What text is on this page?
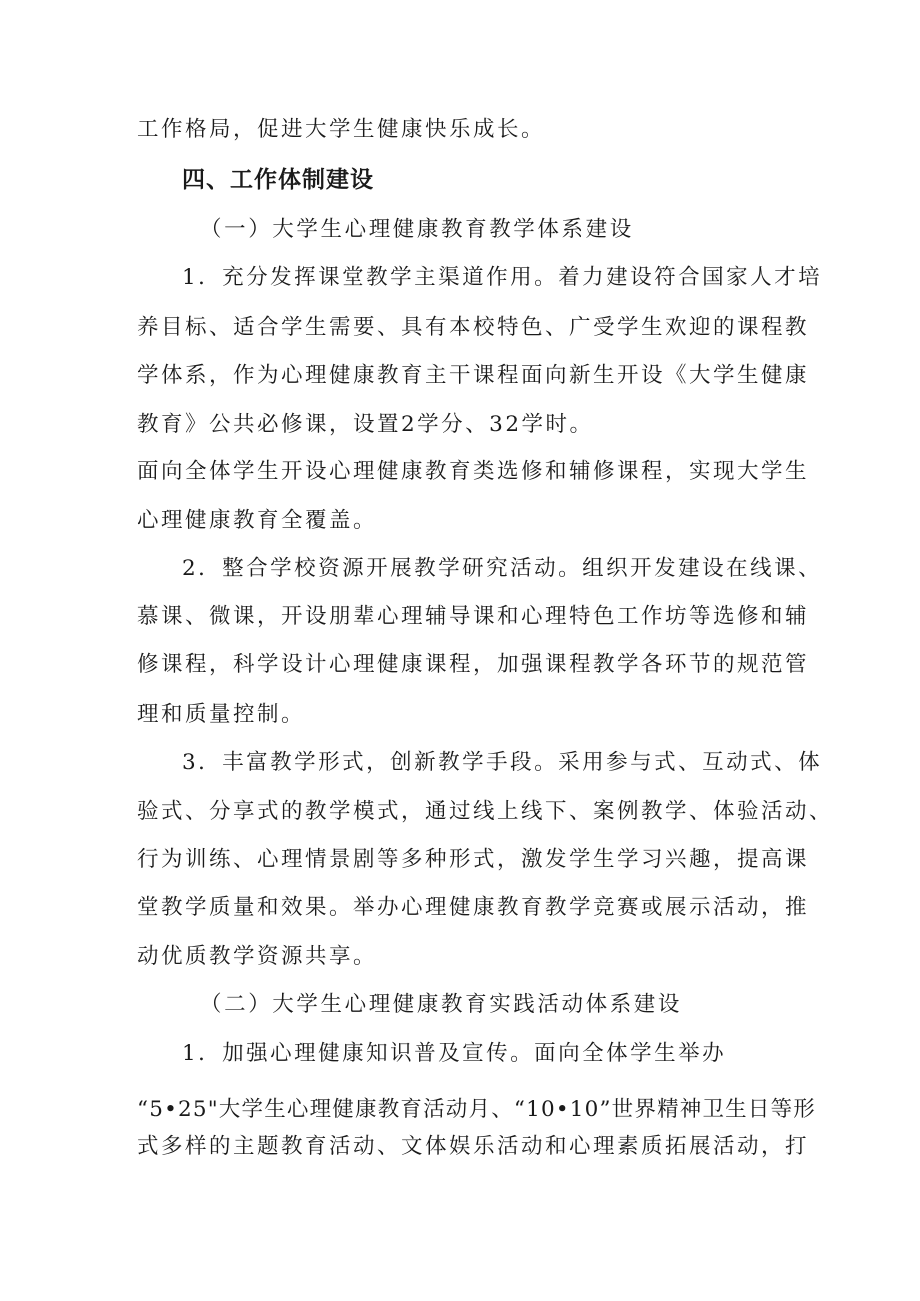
工作格局，促进大学生健康快乐成长。
四、工作体制建设
（一）大学生心理健康教育教学体系建设
1．充分发挥课堂教学主渠道作用。着力建设符合国家人才培
养目标、适合学生需要、具有本校特色、广受学生欢迎的课程教
学体系，作为心理健康教育主干课程面向新生开设《大学生健康
教育》公共必修课，设置2学分、32学时。
面向全体学生开设心理健康教育类选修和辅修课程，实现大学生
心理健康教育全覆盖。
2．整合学校资源开展教学研究活动。组织开发建设在线课、
慕课、微课，开设朋辈心理辅导课和心理特色工作坊等选修和辅
修课程，科学设计心理健康课程，加强课程教学各环节的规范管
理和质量控制。
3．丰富教学形式，创新教学手段。采用参与式、互动式、体
验式、分享式的教学模式，通过线上线下、案例教学、体验活动、
行为训练、心理情景剧等多种形式，激发学生学习兴趣，提高课
堂教学质量和效果。举办心理健康教育教学竞赛或展示活动，推
动优质教学资源共享。
（二）大学生心理健康教育实践活动体系建设
1．加强心理健康知识普及宣传。面向全体学生举办
“5•25"大学生心理健康教育活动月、“10•10”世界精神卫生日等形
式多样的主题教育活动、文体娱乐活动和心理素质拓展活动，打
